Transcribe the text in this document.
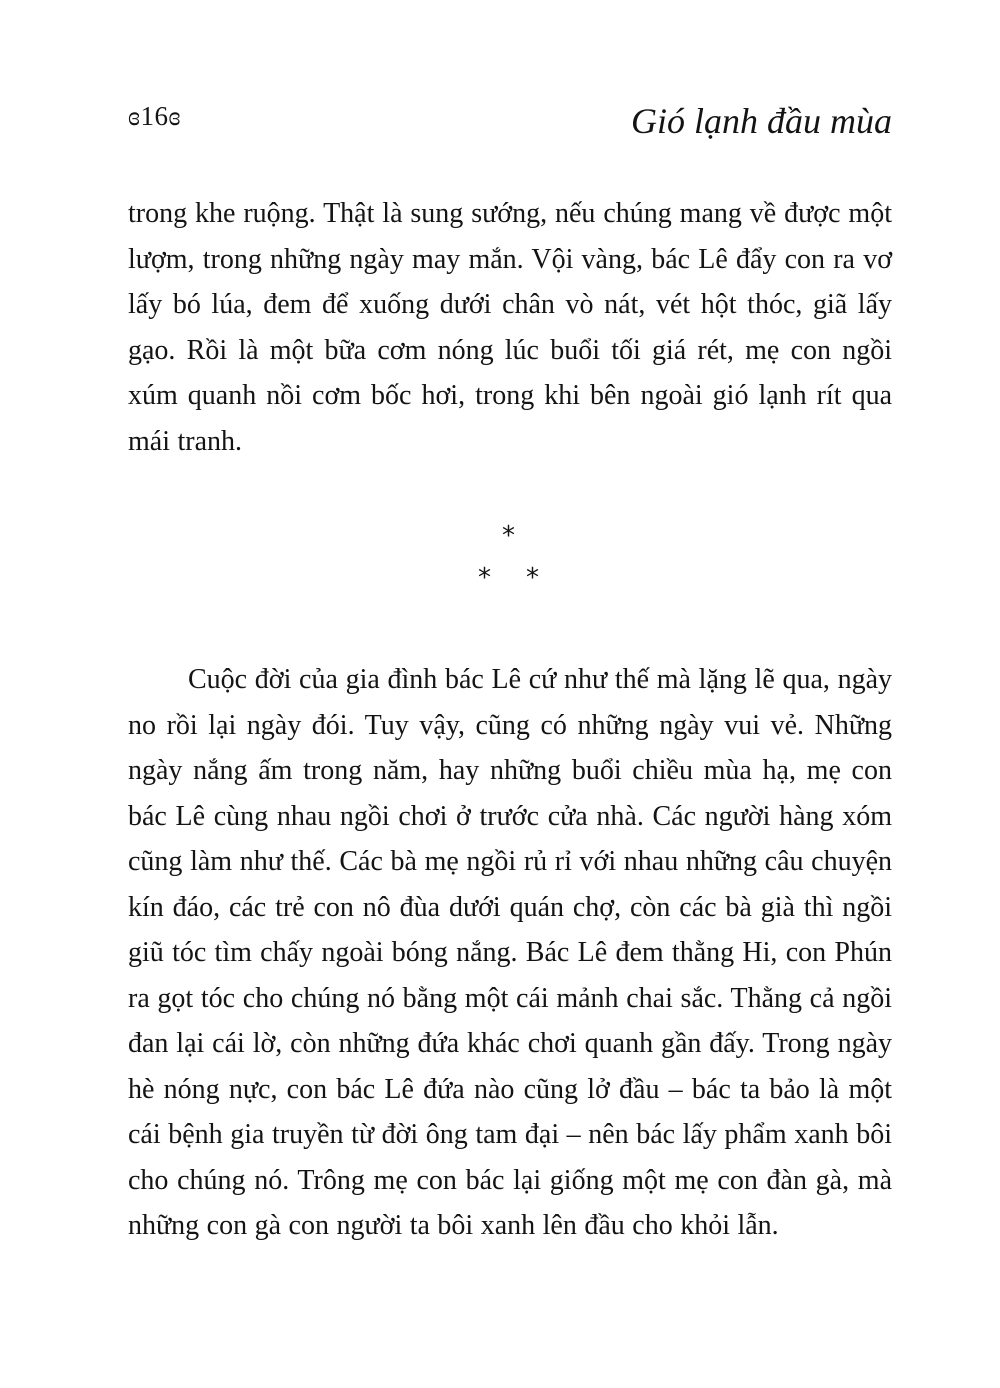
ɞ16ɞ	Gió lạnh đầu mùa

trong khe ruộng. Thật là sung sướng, nếu chúng mang về được một lượm, trong những ngày may mắn. Vội vàng, bác Lê đẩy con ra vơ lấy bó lúa, đem để xuống dưới chân vò nát, vét hột thóc, giã lấy gạo. Rồi là một bữa cơm nóng lúc buổi tối giá rét, mẹ con ngồi xúm quanh nồi cơm bốc hơi, trong khi bên ngoài gió lạnh rít qua mái tranh.

*
* *

Cuộc đời của gia đình bác Lê cứ như thế mà lặng lẽ qua, ngày no rồi lại ngày đói. Tuy vậy, cũng có những ngày vui vẻ. Những ngày nắng ấm trong năm, hay những buổi chiều mùa hạ, mẹ con bác Lê cùng nhau ngồi chơi ở trước cửa nhà. Các người hàng xóm cũng làm như thế. Các bà mẹ ngồi rủ rỉ với nhau những câu chuyện kín đáo, các trẻ con nô đùa dưới quán chợ, còn các bà già thì ngồi giũ tóc tìm chấy ngoài bóng nắng. Bác Lê đem thằng Hi, con Phún ra gọt tóc cho chúng nó bằng một cái mảnh chai sắc. Thằng cả ngồi đan lại cái lờ, còn những đứa khác chơi quanh gần đấy. Trong ngày hè nóng nực, con bác Lê đứa nào cũng lở đầu – bác ta bảo là một cái bệnh gia truyền từ đời ông tam đại – nên bác lấy phẩm xanh bôi cho chúng nó. Trông mẹ con bác lại giống một mẹ con đàn gà, mà những con gà con người ta bôi xanh lên đầu cho khỏi lẫn.
